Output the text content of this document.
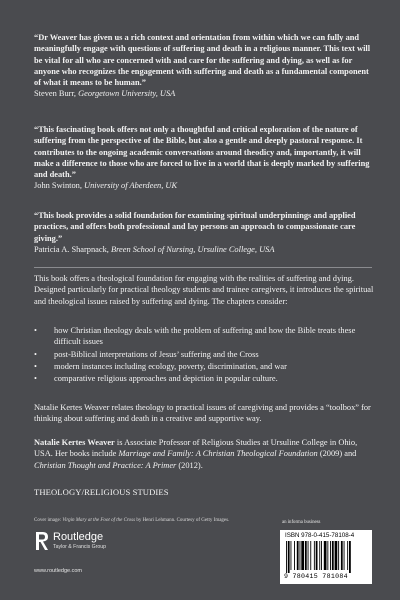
“Dr Weaver has given us a rich context and orientation from within which we can fully and meaningfully engage with questions of suffering and death in a religious manner. This text will be vital for all who are concerned with and care for the suffering and dying, as well as for anyone who recognizes the engagement with suffering and death as a fundamental component of what it means to be human.”

Steven Burr, Georgetown University, USA

“This fascinating book offers not only a thoughtful and critical exploration of the nature of suffering from the perspective of the Bible, but also a gentle and deeply pastoral response. It contributes to the ongoing academic conversations around theodicy and, importantly, it will make a difference to those who are forced to live in a world that is deeply marked by suffering and death.”

John Swinton, University of Aberdeen, UK

“This book provides a solid foundation for examining spiritual underpinnings and applied practices, and offers both professional and lay persons an approach to compassionate care giving.”

Patricia A. Sharpnack, Breen School of Nursing, Ursuline College, USA
This book offers a theological foundation for engaging with the realities of suffering and dying. Designed particularly for practical theology students and trainee caregivers, it introduces the spiritual and theological issues raised by suffering and dying. The chapters consider:
• how Christian theology deals with the problem of suffering and how the Bible treats these difficult issues
• post-Biblical interpretations of Jesus’ suffering and the Cross
• modern instances including ecology, poverty, discrimination, and war
• comparative religious approaches and depiction in popular culture.
Natalie Kertes Weaver relates theology to practical issues of caregiving and provides a “toolbox” for thinking about suffering and death in a creative and supportive way.
Natalie Kertes Weaver is Associate Professor of Religious Studies at Ursuline College in Ohio, USA. Her books include Marriage and Family: A Christian Theological Foundation (2009) and Christian Thought and Practice: A Primer (2012).
THEOLOGY/RELIGIOUS STUDIES
Cover image: Virgin Mary at the Foot of the Cross by Henri Lehmann. Courtesy of Getty Images.	an informa business
Routledge
Taylor & Francis Group
www.routledge.com
ISBN 978-0-415-78108-4
9 780415 781084
